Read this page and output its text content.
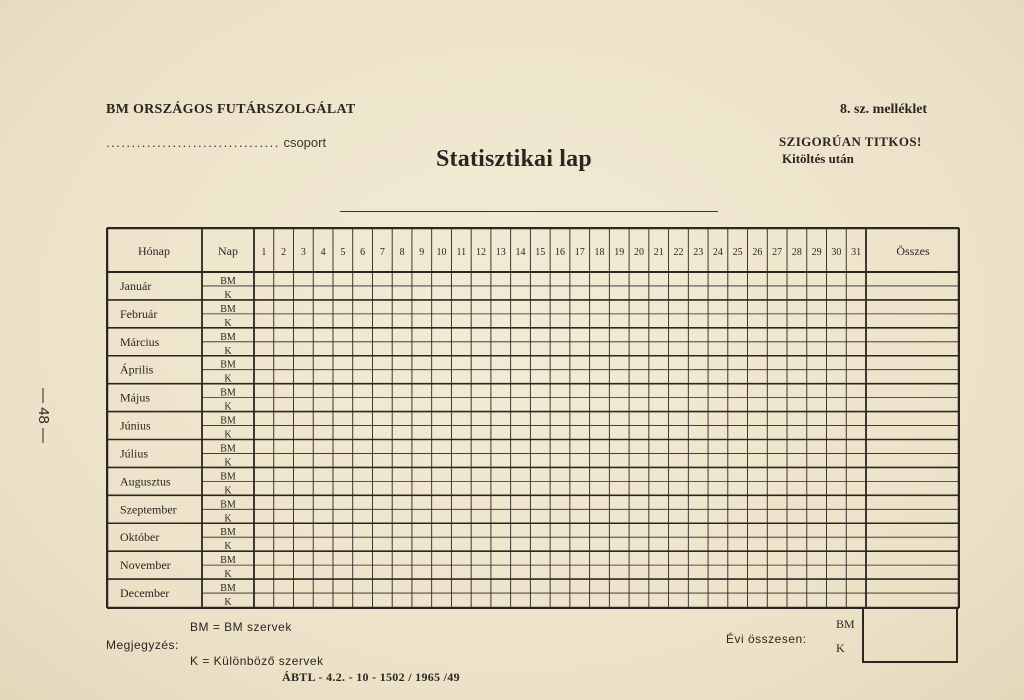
BM ORSZÁGOS FUTÁRSZOLGÁLAT
.................................. csoport
Statisztikai lap
8. sz. melléklet
SZIGORÚAN TITKOS!
Kitöltés után
— 48 —
Hónap	Nap 1 2 3 4 5 6 7 8 9 10 11 12 13 14 15 16 17 18 19 20 21 22 23 24 25 26 27 28 29 30 31	Összes
Január	BM
K
Február	BM
K
Március	BM
K
Április	BM
K
Május	BM
K
Június	BM
K
Július	BM
K
Augusztus	BM
K
Szeptember	BM
K
Október	BM
K
November	BM
K
December	BM
K
BM = BM szervek
Megjegyzés:
K = Különböző szervek
Évi összesen:
BM
K
ÁBTL - 4.2. - 10 - 1502 / 1965 /49
